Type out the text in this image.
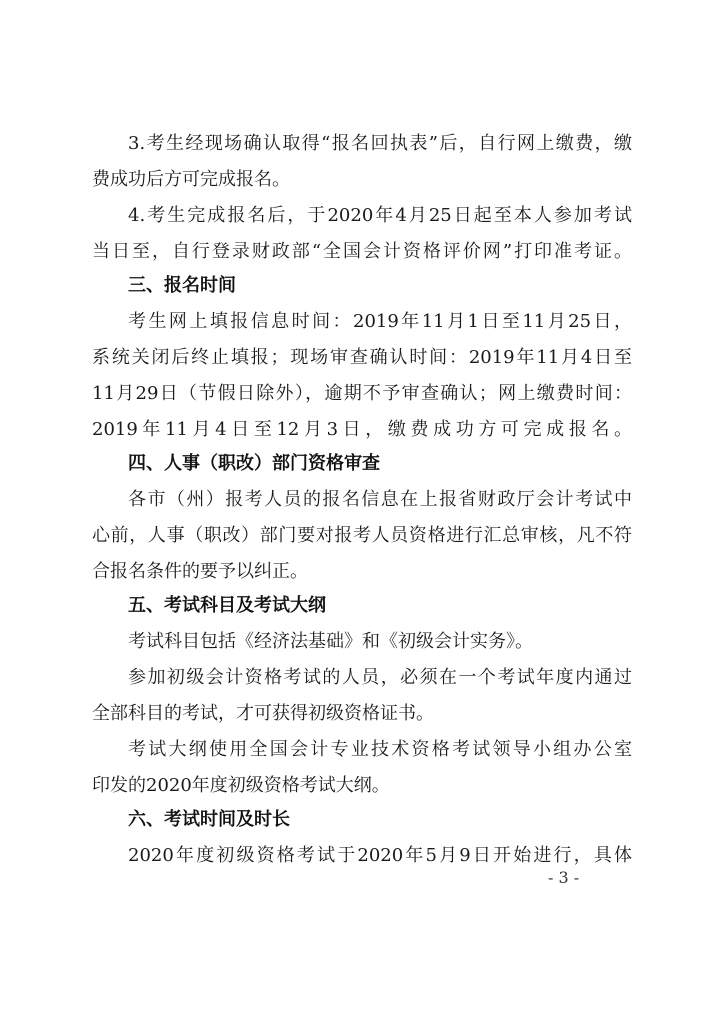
3.考生经现场确认取得“报名回执表”后，自行网上缴费，缴
费成功后方可完成报名。
4.考生完成报名后，于2020年4月25日起至本人参加考试
当日至，自行登录财政部“全国会计资格评价网”打印准考证。
三、报名时间
考生网上填报信息时间：2019年11月1日至11月25日，
系统关闭后终止填报；现场审查确认时间：2019年11月4日至
11月29日（节假日除外），逾期不予审查确认；网上缴费时间：
2019年11月4日至12月3日，缴费成功方可完成报名。
四、人事（职改）部门资格审查
各市（州）报考人员的报名信息在上报省财政厅会计考试中
心前，人事（职改）部门要对报考人员资格进行汇总审核，凡不符
合报名条件的要予以纠正。
五、考试科目及考试大纲
考试科目包括《经济法基础》和《初级会计实务》。
参加初级会计资格考试的人员，必须在一个考试年度内通过
全部科目的考试，才可获得初级资格证书。
考试大纲使用全国会计专业技术资格考试领导小组办公室
印发的2020年度初级资格考试大纲。
六、考试时间及时长
2020年度初级资格考试于2020年5月9日开始进行，具体
- 3 -
